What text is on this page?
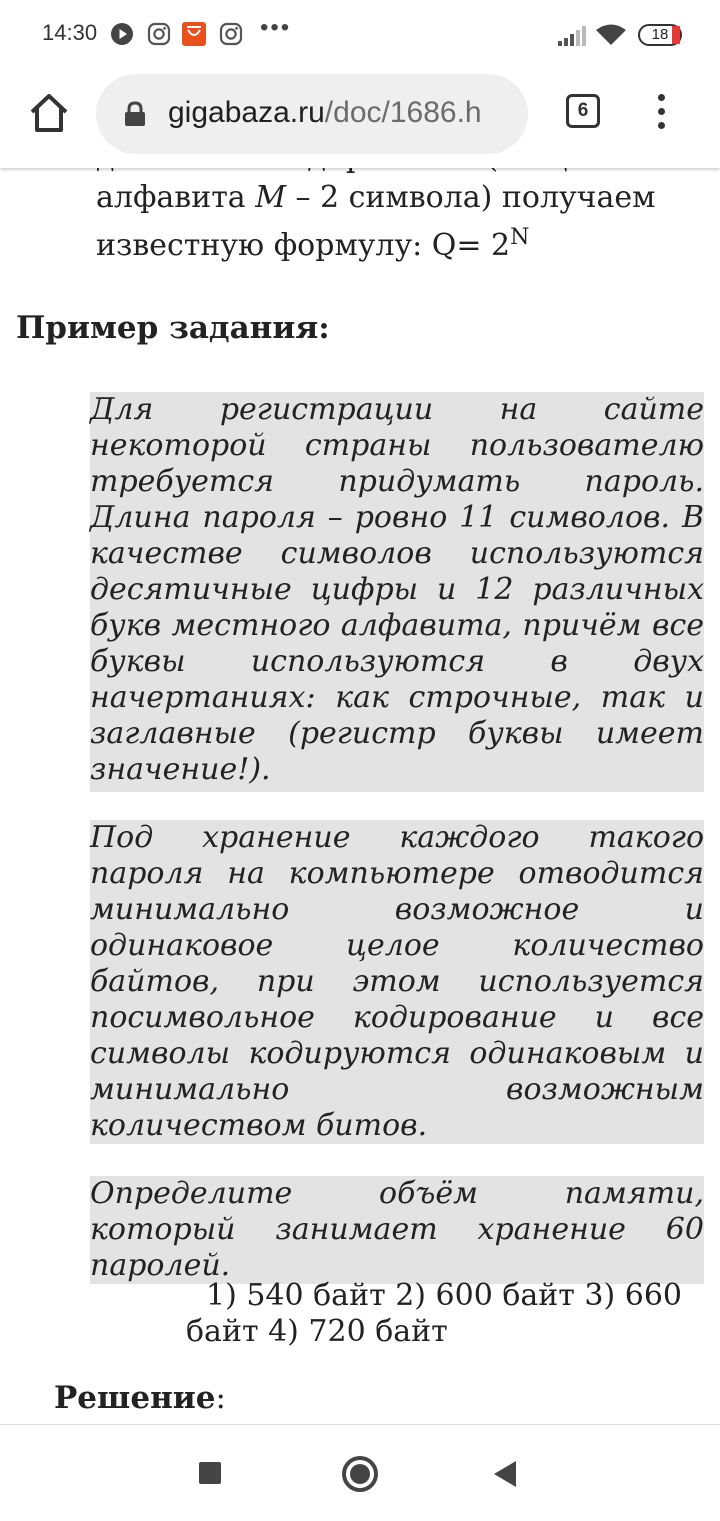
14:30	•••	18
gigabaza.ru/doc/1686.h	6
алфавита M – 2 символа) получаем
известную формулу: $Q= 2^N$
Пример задания:
Для регистрации на сайте некоторой страны пользователю требуется придумать пароль. Длина пароля – ровно 11 символов. В качестве символов используются десятичные цифры и 12 различных букв местного алфавита, причём все буквы используются в двух начертаниях: как строчные, так и заглавные (регистр буквы имеет значение!).
Под хранение каждого такого пароля на компьютере отводится минимально возможное и одинаковое целое количество байтов, при этом используется посимвольное кодирование и все символы кодируются одинаковым и минимально возможным количеством битов.
Определите объём памяти, который занимает хранение 60 паролей.
1) 540 байт 2) 600 байт 3) 660 байт 4) 720 байт
Решение:
